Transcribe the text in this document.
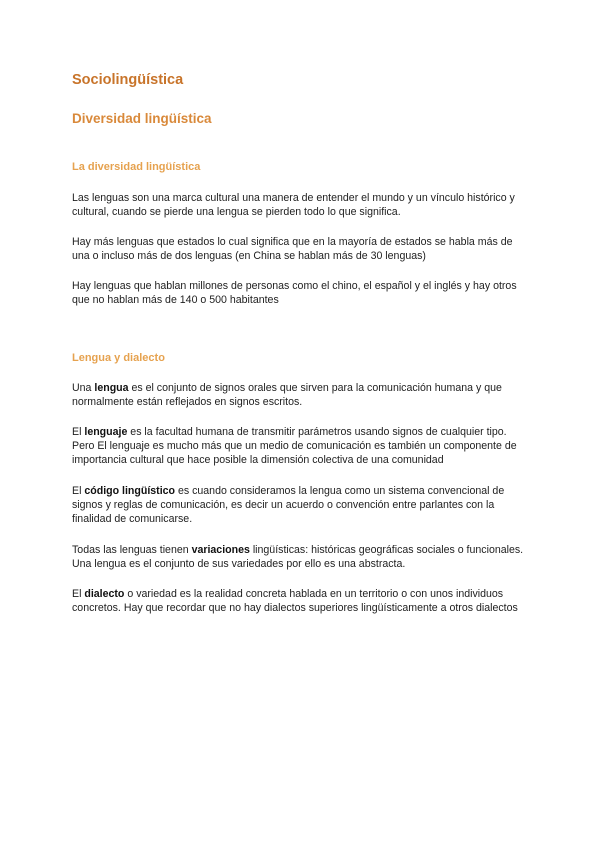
Sociolingüística
Diversidad lingüística
La diversidad lingüística

Las lenguas son una marca cultural una manera de entender el mundo y un vínculo histórico y cultural, cuando se pierde una lengua se pierden todo lo que significa.

Hay más lenguas que estados lo cual significa que en la mayoría de estados se habla más de una o incluso más de dos lenguas (en China se hablan más de 30 lenguas)

Hay lenguas que hablan millones de personas como el chino, el español y el inglés y hay otros que no hablan más de 140 o 500 habitantes

Lengua y dialecto

Una lengua es el conjunto de signos orales que sirven para la comunicación humana y que normalmente están reflejados en signos escritos.

El lenguaje es la facultad humana de transmitir parámetros usando signos de cualquier tipo. Pero El lenguaje es mucho más que un medio de comunicación es también un componente de importancia cultural que hace posible la dimensión colectiva de una comunidad

El código lingüístico es cuando consideramos la lengua como un sistema convencional de signos y reglas de comunicación, es decir un acuerdo o convención entre parlantes con la finalidad de comunicarse.

Todas las lenguas tienen variaciones lingüísticas: históricas geográficas sociales o funcionales. Una lengua es el conjunto de sus variedades por ello es una abstracta.

El dialecto o variedad es la realidad concreta hablada en un territorio o con unos individuos concretos. Hay que recordar que no hay dialectos superiores lingüísticamente a otros dialectos
